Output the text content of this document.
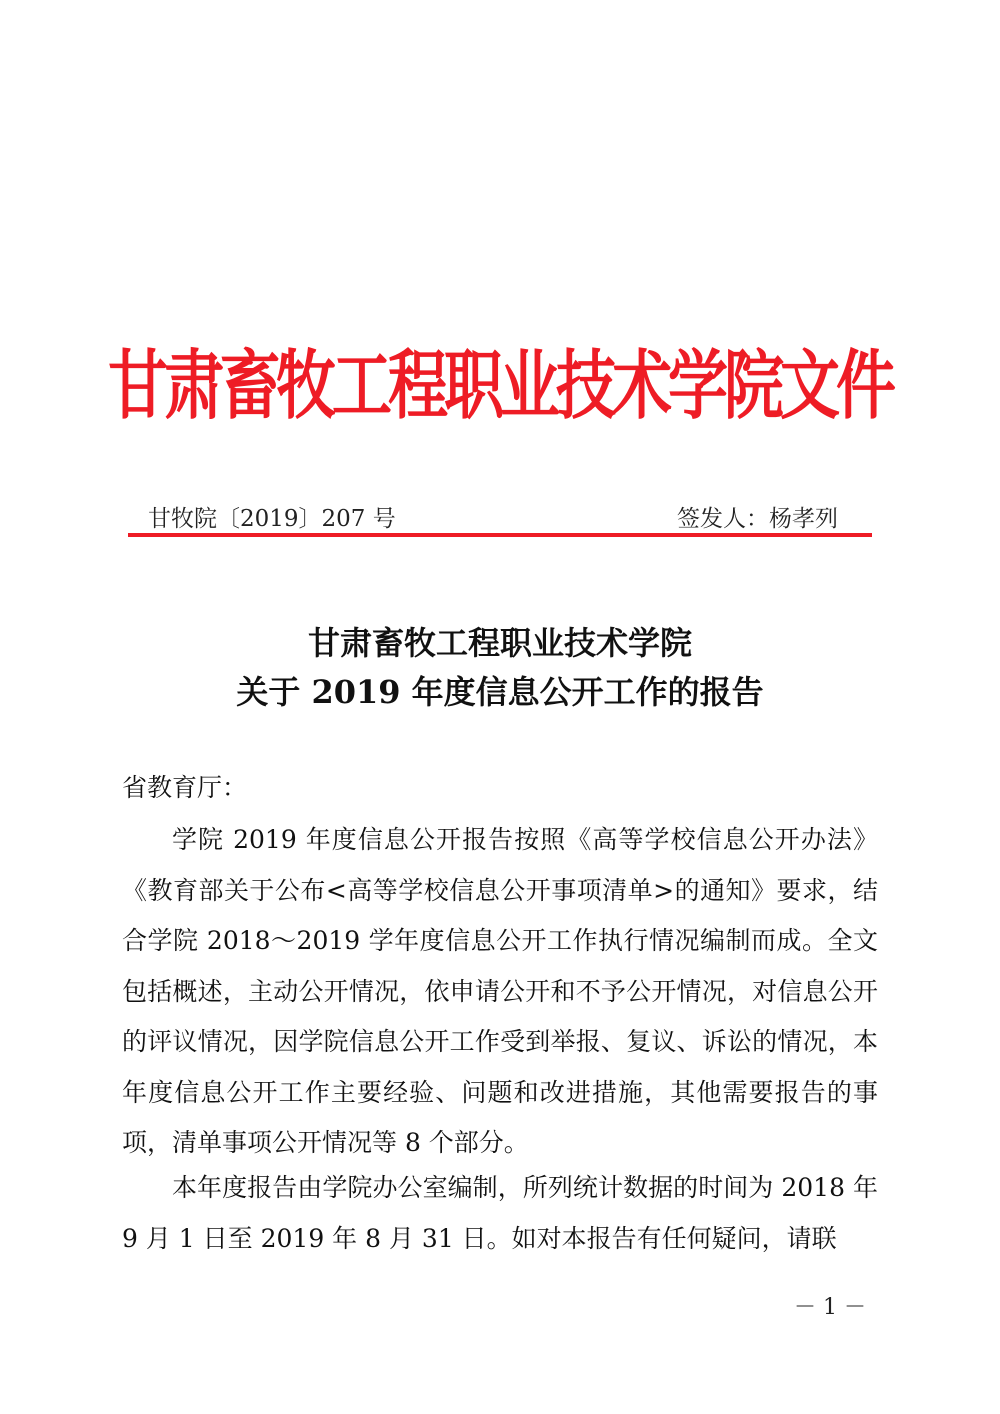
甘肃畜牧工程职业技术学院文件
甘牧院〔2019〕207 号	签发人：杨孝列
甘肃畜牧工程职业技术学院
关于 2019 年度信息公开工作的报告
省教育厅：
学院 2019 年度信息公开报告按照《高等学校信息公开办法》《教育部关于公布<高等学校信息公开事项清单>的通知》要求，结合学院 2018～2019 学年度信息公开工作执行情况编制而成。全文包括概述，主动公开情况，依申请公开和不予公开情况，对信息公开的评议情况，因学院信息公开工作受到举报、复议、诉讼的情况，本年度信息公开工作主要经验、问题和改进措施，其他需要报告的事项，清单事项公开情况等 8 个部分。
本年度报告由学院办公室编制，所列统计数据的时间为 2018 年 9 月 1 日至 2019 年 8 月 31 日。如对本报告有任何疑问，请联
－ 1 －
